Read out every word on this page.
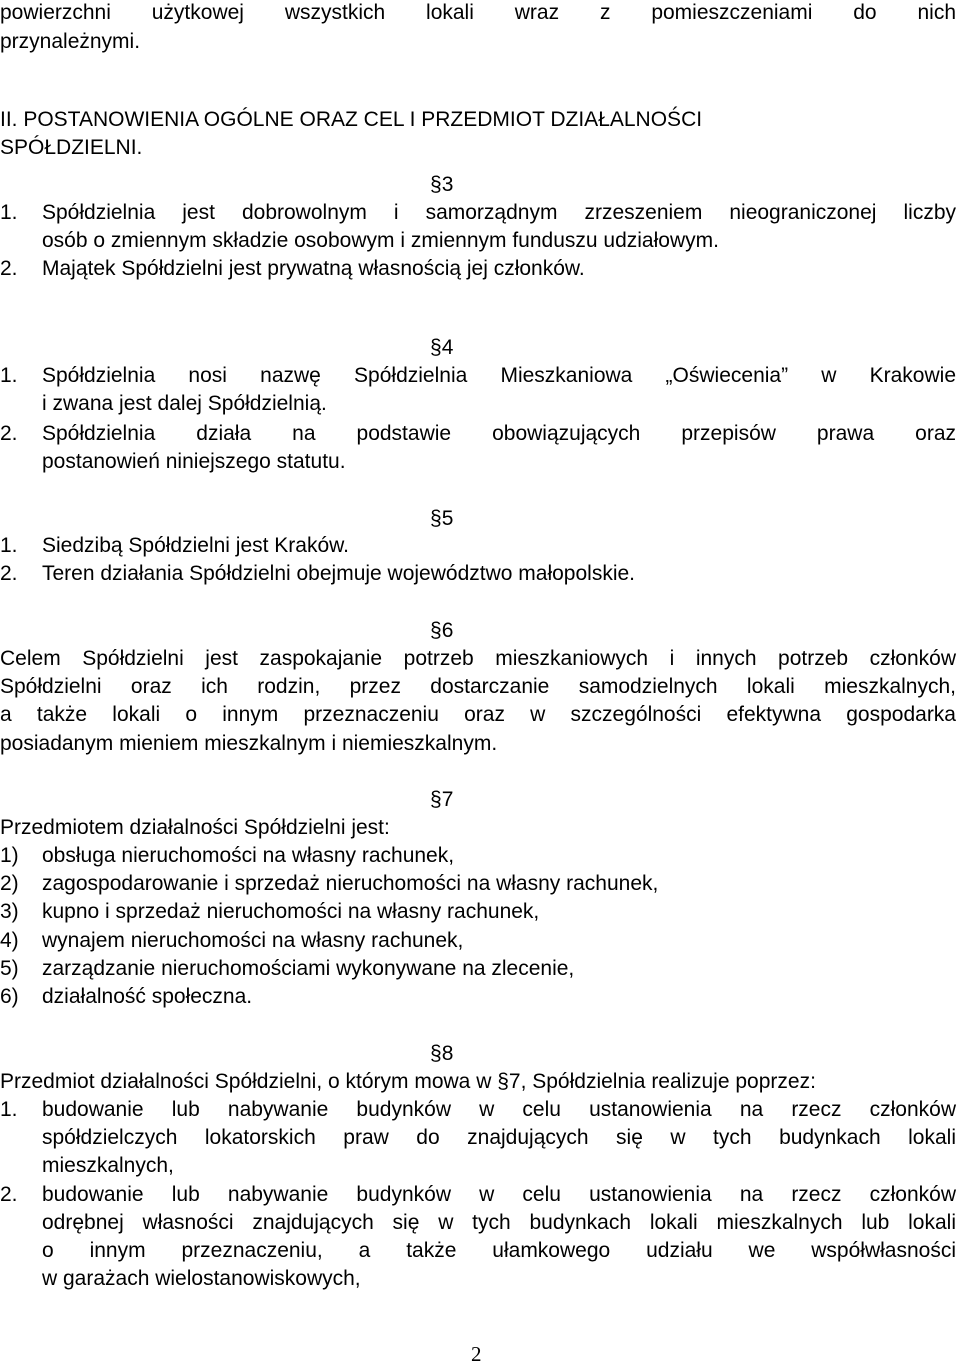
powierzchni użytkowej wszystkich lokali wraz z pomieszczeniami do nich
przynależnymi.
II. POSTANOWIENIA OGÓLNE ORAZ CEL I PRZEDMIOT DZIAŁALNOŚCI
SPÓŁDZIELNI.
§3
1. Spółdzielnia jest dobrowolnym i samorządnym zrzeszeniem nieograniczonej liczby
osób o zmiennym składzie osobowym i zmiennym funduszu udziałowym.
2. Majątek Spółdzielni jest prywatną własnością jej członków.
§4
1. Spółdzielnia nosi nazwę Spółdzielnia Mieszkaniowa „Oświecenia” w Krakowie
i zwana jest dalej Spółdzielnią.
2. Spółdzielnia działa na podstawie obowiązujących przepisów prawa oraz
postanowień niniejszego statutu.
§5
1. Siedzibą Spółdzielni jest Kraków.
2. Teren działania Spółdzielni obejmuje województwo małopolskie.
§6
Celem Spółdzielni jest zaspokajanie potrzeb mieszkaniowych i innych potrzeb członków
Spółdzielni oraz ich rodzin, przez dostarczanie samodzielnych lokali mieszkalnych,
a także lokali o innym przeznaczeniu oraz w szczególności efektywna gospodarka
posiadanym mieniem mieszkalnym i niemieszkalnym.
§7
Przedmiotem działalności Spółdzielni jest:
1) obsługa nieruchomości na własny rachunek,
2) zagospodarowanie i sprzedaż nieruchomości na własny rachunek,
3) kupno i sprzedaż nieruchomości na własny rachunek,
4) wynajem nieruchomości na własny rachunek,
5) zarządzanie nieruchomościami wykonywane na zlecenie,
6) działalność społeczna.
§8
Przedmiot działalności Spółdzielni, o którym mowa w §7, Spółdzielnia realizuje poprzez:
1. budowanie lub nabywanie budynków w celu ustanowienia na rzecz członków
spółdzielczych lokatorskich praw do znajdujących się w tych budynkach lokali
mieszkalnych,
2. budowanie lub nabywanie budynków w celu ustanowienia na rzecz członków
odrębnej własności znajdujących się w tych budynkach lokali mieszkalnych lub lokali
o innym przeznaczeniu, a także ułamkowego udziału we współwłasności
w garażach wielostanowiskowych,
2
